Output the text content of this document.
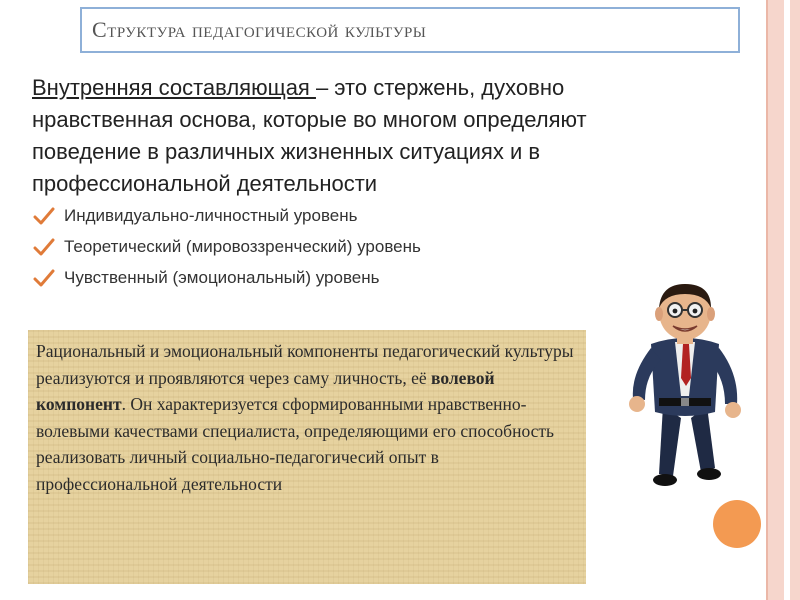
Структура педагогической культуры
Внутренняя составляющая – это стержень, духовно нравственная основа, которые во многом определяют поведение в различных жизненных ситуациях и в профессиональной деятельности
Индивидуально-личностный уровень
Теоретический (мировоззренческий) уровень
Чувственный (эмоциональный) уровень
Рациональный и эмоциональный компоненты педагогический культуры реализуются и проявляются через саму личность, её волевой компонент. Он характеризуется сформированными нравственно-волевыми качествами специалиста, определяющими его способность реализовать личный социально-педагогичесий опыт в профессиональной деятельности
